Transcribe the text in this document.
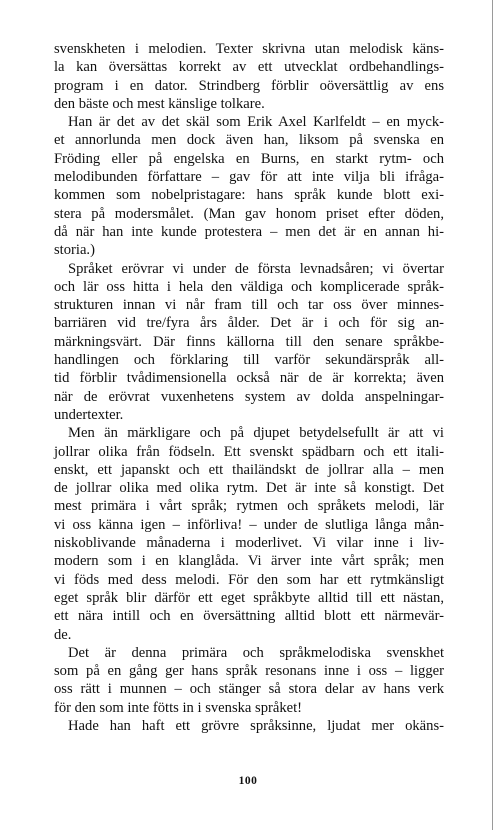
svenskheten i melodien. Texter skrivna utan melodisk käns-
la kan översättas korrekt av ett utvecklat ordbehandlings-
program i en dator. Strindberg förblir oöversättlig av ens
den bäste och mest känslige tolkare.
Han är det av det skäl som Erik Axel Karlfeldt – en myck-
et annorlunda men dock även han, liksom på svenska en
Fröding eller på engelska en Burns, en starkt rytm- och
melodibunden författare – gav för att inte vilja bli ifråga-
kommen som nobelpristagare: hans språk kunde blott exi-
stera på modersmålet. (Man gav honom priset efter döden,
då när han inte kunde protestera – men det är en annan hi-
storia.)
Språket erövrar vi under de första levnadsåren; vi övertar
och lär oss hitta i hela den väldiga och komplicerade språk-
strukturen innan vi når fram till och tar oss över minnes-
barriären vid tre/fyra års ålder. Det är i och för sig an-
märkningsvärt. Där finns källorna till den senare språkbe-
handlingen och förklaring till varför sekundärspråk all-
tid förblir tvådimensionella också när de är korrekta; även
när de erövrat vuxenhetens system av dolda anspelningar-
undertexter.
Men än märkligare och på djupet betydelsefullt är att vi
jollrar olika från födseln. Ett svenskt spädbarn och ett itali-
enskt, ett japanskt och ett thailändskt de jollrar alla – men
de jollrar olika med olika rytm. Det är inte så konstigt. Det
mest primära i vårt språk; rytmen och språkets melodi, lär
vi oss känna igen – införliva! – under de slutliga långa mån-
niskoblivande månaderna i moderlivet. Vi vilar inne i liv-
modern som i en klanglåda. Vi ärver inte vårt språk; men
vi föds med dess melodi. För den som har ett rytmkänsligt
eget språk blir därför ett eget språkbyte alltid till ett nästan,
ett nära intill och en översättning alltid blott ett närmevär-
de.
Det är denna primära och språkmelodiska svenskhet
som på en gång ger hans språk resonans inne i oss – ligger
oss rätt i munnen – och stänger så stora delar av hans verk
för den som inte fötts in i svenska språket!
Hade han haft ett grövre språksinne, ljudat mer okäns-
100
